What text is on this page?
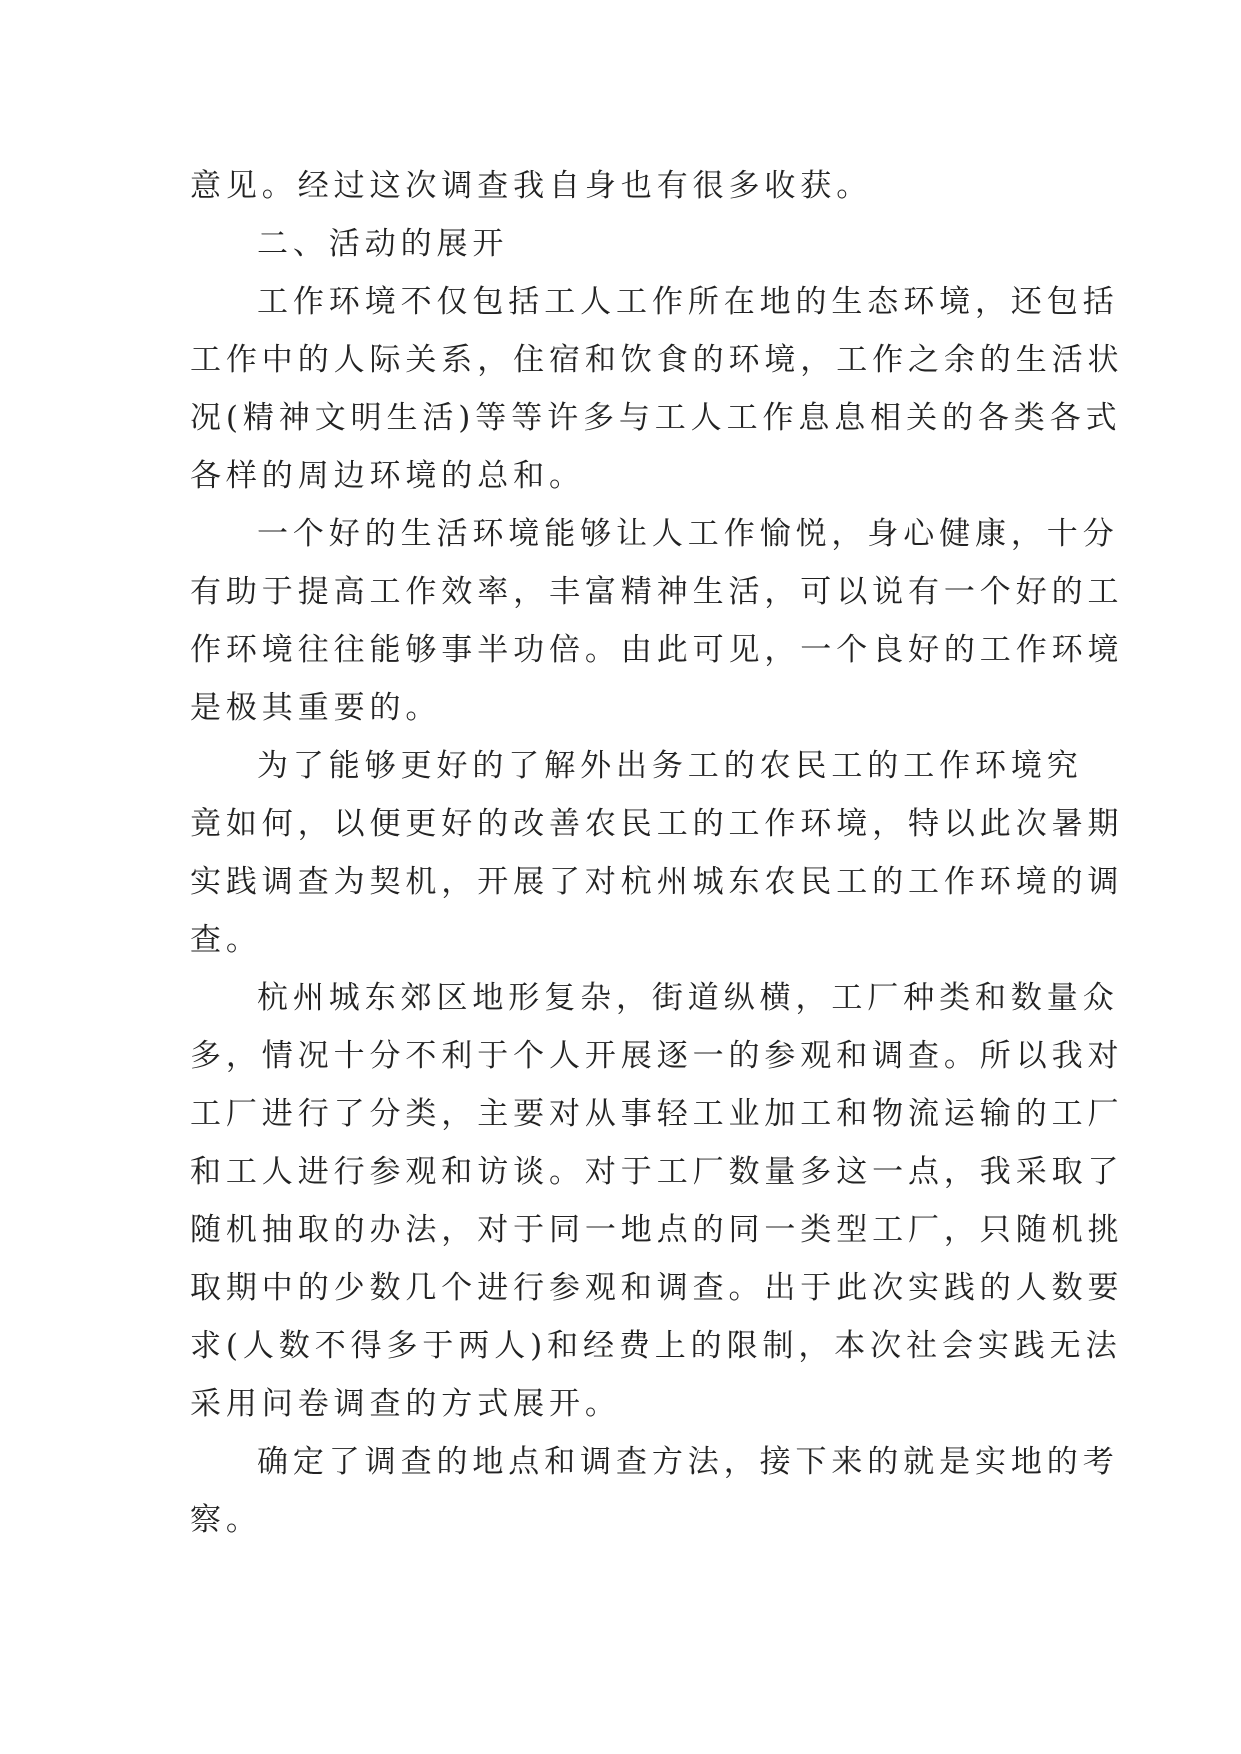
意见。经过这次调查我自身也有很多收获。

二、活动的展开

工作环境不仅包括工人工作所在地的生态环境，还包括

工作中的人际关系，住宿和饮食的环境，工作之余的生活状

况(精神文明生活)等等许多与工人工作息息相关的各类各式

各样的周边环境的总和。

一个好的生活环境能够让人工作愉悦，身心健康，十分

有助于提高工作效率，丰富精神生活，可以说有一个好的工

作环境往往能够事半功倍。由此可见，一个良好的工作环境

是极其重要的。

为了能够更好的了解外出务工的农民工的工作环境究

竟如何，以便更好的改善农民工的工作环境，特以此次暑期

实践调查为契机，开展了对杭州城东农民工的工作环境的调

查。

杭州城东郊区地形复杂，街道纵横，工厂种类和数量众

多，情况十分不利于个人开展逐一的参观和调查。所以我对

工厂进行了分类，主要对从事轻工业加工和物流运输的工厂

和工人进行参观和访谈。对于工厂数量多这一点，我采取了

随机抽取的办法，对于同一地点的同一类型工厂，只随机挑

取期中的少数几个进行参观和调查。出于此次实践的人数要

求(人数不得多于两人)和经费上的限制，本次社会实践无法

采用问卷调查的方式展开。

确定了调查的地点和调查方法，接下来的就是实地的考

察。
